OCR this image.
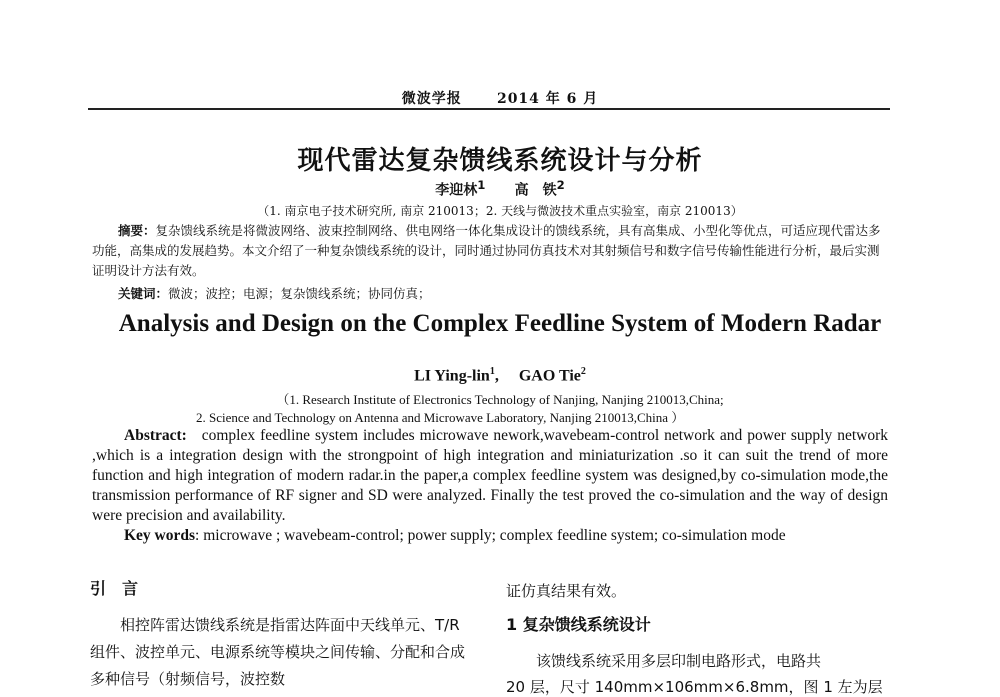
微波学报	2014 年 6 月
现代雷达复杂馈线系统设计与分析
李迎林$^1$ 高　铁$^2$
（1. 南京电子技术研究所, 南京 210013；2. 天线与微波技术重点实验室，南京 210013）
摘要：复杂馈线系统是将微波网络、波束控制网络、供电网络一体化集成设计的馈线系统，具有高集成、小型化等优点，可适应现代雷达多功能，高集成的发展趋势。本文介绍了一种复杂馈线系统的设计，同时通过协同仿真技术对其射频信号和数字信号传输性能进行分析，最后实测证明设计方法有效。
关键词：微波；波控；电源；复杂馈线系统；协同仿真；
Analysis and Design on the Complex Feedline System of Modern Radar
LI Ying-lin$^1$,     GAO Tie$^2$
（1. Research Institute of Electronics Technology of Nanjing, Nanjing 210013,China;
2. Science and Technology on Antenna and Microwave Laboratory, Nanjing 210013,China ）
Abstract: complex feedline system includes microwave nework,wavebeam-control network and power supply network ,which is a integration design with the strongpoint of high integration and miniaturization .so it can suit the trend of more function and high integration of modern radar.in the paper,a complex feedline system was designed,by co-simulation mode,the transmission performance of RF signer and SD were analyzed. Finally the test proved the co-simulation and the way of design were precision and availability.
Key words: microwave ; wavebeam-control; power supply; complex feedline system; co-simulation mode
引　言
相控阵雷达馈线系统是指雷达阵面中天线单元、T/R 组件、波控单元、电源系统等模块之间传输、分配和合成多种信号（射频信号，波控数
证仿真结果有效。
1 复杂馈线系统设计
该馈线系统采用多层印制电路形式，电路共
20 层，尺寸 140mm×106mm×6.8mm，图 1 左为层
